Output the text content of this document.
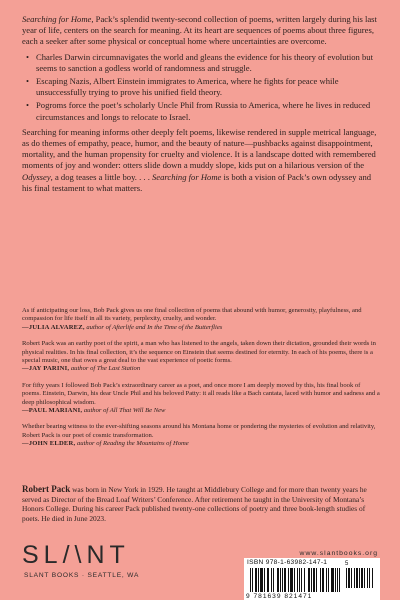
Searching for Home, Pack’s splendid twenty-second collection of poems, written largely during his last year of life, centers on the search for meaning. At its heart are sequences of poems about three figures, each a seeker after some physical or conceptual home where uncertainties are overcome.

• Charles Darwin circumnavigates the world and gleans the evidence for his theory of evolution but seems to sanction a godless world of randomness and struggle.
• Escaping Nazis, Albert Einstein immigrates to America, where he fights for peace while unsuccessfully trying to prove his unified field theory.
• Pogroms force the poet’s scholarly Uncle Phil from Russia to America, where he lives in reduced circumstances and longs to relocate to Israel.

Searching for meaning informs other deeply felt poems, likewise rendered in supple metrical language, as do themes of empathy, peace, humor, and the beauty of nature—pushbacks against disappointment, mortality, and the human propensity for cruelty and violence. It is a landscape dotted with remembered moments of joy and wonder: otters slide down a muddy slope, kids put on a hilarious version of the Odyssey, a dog teases a little boy. . . . Searching for Home is both a vision of Pack’s own odyssey and his final testament to what matters.

As if anticipating our loss, Bob Pack gives us one final collection of poems that abound with humor, generosity, playfulness, and compassion for life itself in all its variety, perplexity, cruelty, and wonder.

—JULIA ALVAREZ, author of Afterlife and In the Time of the Butterflies

Robert Pack was an earthy poet of the spirit, a man who has listened to the angels, taken down their dictation, grounded their words in physical realities. In his final collection, it’s the sequence on Einstein that seems destined for eternity. In each of his poems, there is a special music, one that owes a great deal to the vast experience of poetic forms.

—JAY PARINI, author of The Last Station

For fifty years I followed Bob Pack’s extraordinary career as a poet, and once more I am deeply moved by this, his final book of poems. Einstein, Darwin, his dear Uncle Phil and his beloved Patty: it all reads like a Bach cantata, laced with humor and sadness and a deep philosophical wisdom.

—PAUL MARIANI, author of All That Will Be New

Whether bearing witness to the ever-shifting seasons around his Montana home or pondering the mysteries of evolution and relativity, Robert Pack is our poet of cosmic transformation.

—JOHN ELDER, author of Reading the Mountains of Home

Robert Pack was born in New York in 1929. He taught at Middlebury College and for more than twenty years he served as Director of the Bread Loaf Writers’ Conference. After retirement he taught in the University of Montana’s Honors College. During his career Pack published twenty-one collections of poetry and three book-length studies of poets. He died in June 2023.
SL/\NT
SLANT BOOKS · SEATTLE, WA
www.slantbooks.org
ISBN 978-1-63982-147-1
9 781639 821471
5
